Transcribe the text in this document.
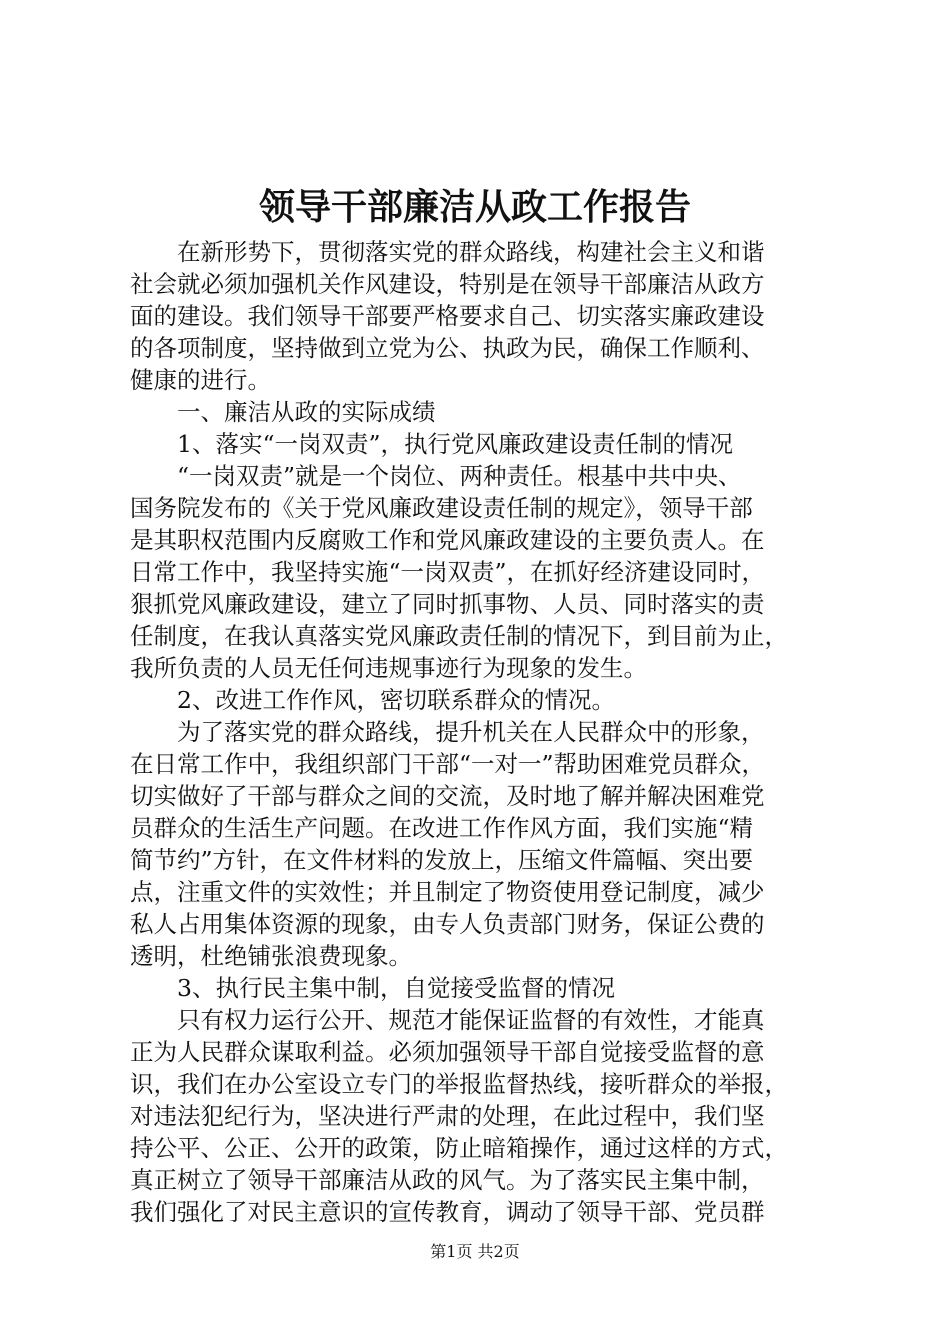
领导干部廉洁从政工作报告
在新形势下，贯彻落实党的群众路线，构建社会主义和谐
社会就必须加强机关作风建设，特别是在领导干部廉洁从政方
面的建设。我们领导干部要严格要求自己、切实落实廉政建设
的各项制度，坚持做到立党为公、执政为民，确保工作顺利、
健康的进行。
一、廉洁从政的实际成绩
1、落实“一岗双责”，执行党风廉政建设责任制的情况
“一岗双责”就是一个岗位、两种责任。根基中共中央、
国务院发布的《关于党风廉政建设责任制的规定》，领导干部
是其职权范围内反腐败工作和党风廉政建设的主要负责人。在
日常工作中，我坚持实施“一岗双责”，在抓好经济建设同时，
狠抓党风廉政建设，建立了同时抓事物、人员、同时落实的责
任制度，在我认真落实党风廉政责任制的情况下，到目前为止，
我所负责的人员无任何违规事迹行为现象的发生。
2、改进工作作风，密切联系群众的情况。
为了落实党的群众路线，提升机关在人民群众中的形象，
在日常工作中，我组织部门干部“一对一”帮助困难党员群众，
切实做好了干部与群众之间的交流，及时地了解并解决困难党
员群众的生活生产问题。在改进工作作风方面，我们实施“精
简节约”方针，在文件材料的发放上，压缩文件篇幅、突出要
点，注重文件的实效性；并且制定了物资使用登记制度，减少
私人占用集体资源的现象，由专人负责部门财务，保证公费的
透明，杜绝铺张浪费现象。
3、执行民主集中制，自觉接受监督的情况
只有权力运行公开、规范才能保证监督的有效性，才能真
正为人民群众谋取利益。必须加强领导干部自觉接受监督的意
识，我们在办公室设立专门的举报监督热线，接听群众的举报，
对违法犯纪行为，坚决进行严肃的处理，在此过程中，我们坚
持公平、公正、公开的政策，防止暗箱操作，通过这样的方式，
真正树立了领导干部廉洁从政的风气。为了落实民主集中制，
我们强化了对民主意识的宣传教育，调动了领导干部、党员群
第1页 共2页
